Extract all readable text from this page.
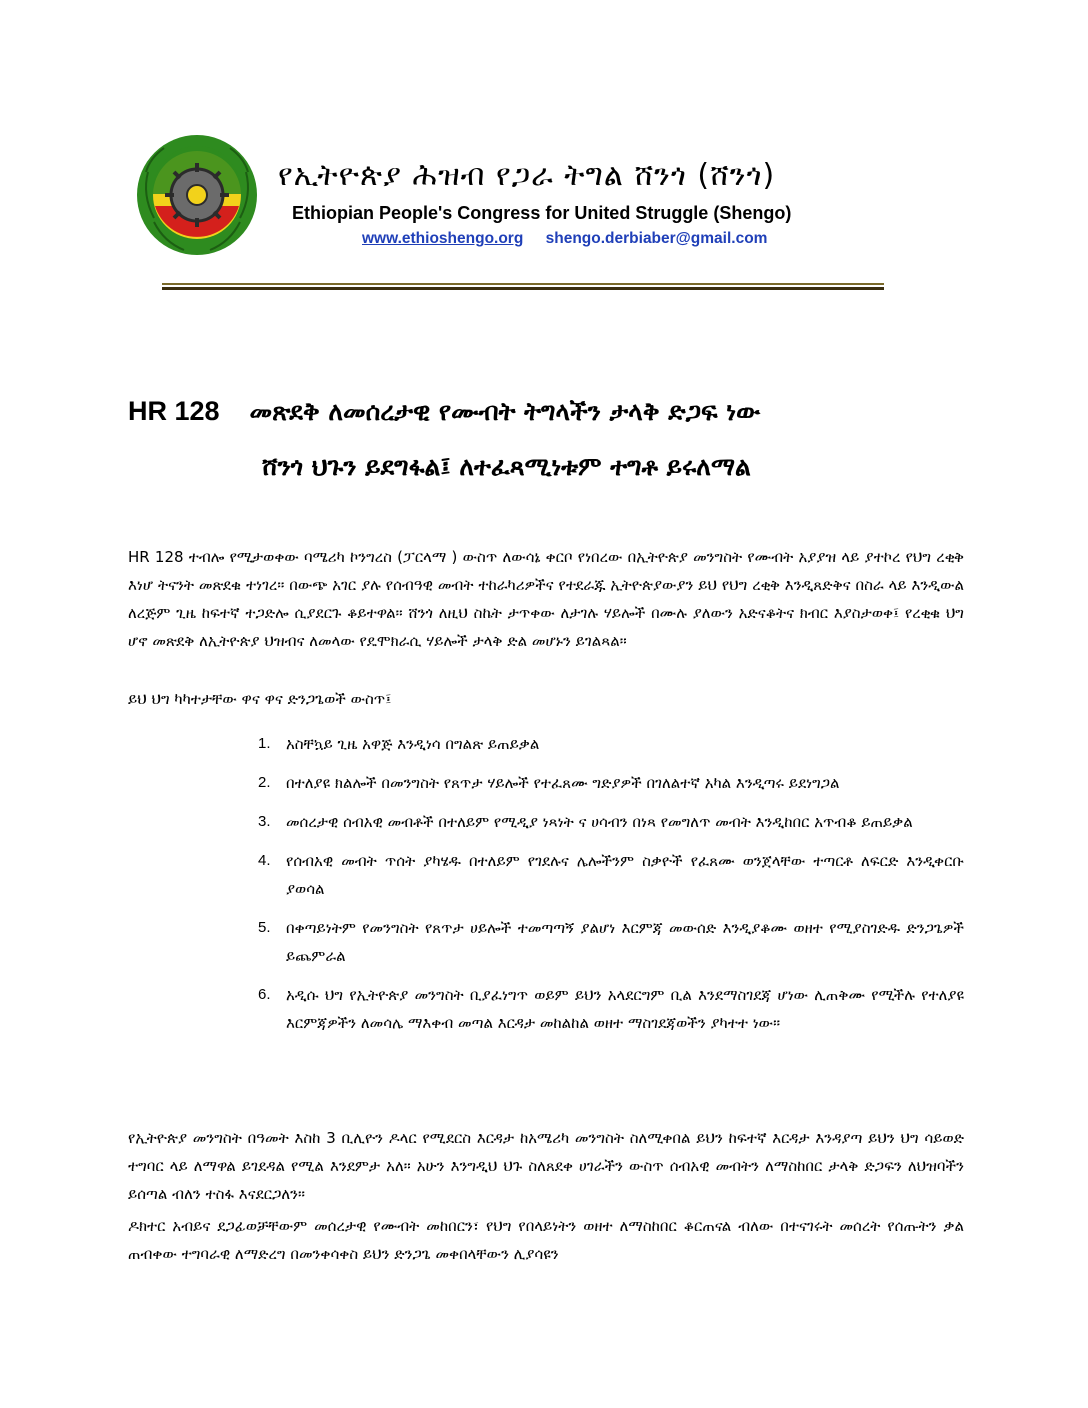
የኢትዮጵያ ሕዝብ የጋራ ትግል ሸንጎ (ሸንጎ)
Ethiopian People's Congress for United Struggle (Shengo)
www.ethioshengo.org shengo.derbiaber@gmail.com
HR 128 መጽደቅ ለመሰረታዊ የሙብት ትግላችን ታላቅ ድጋፍ ነው
ሸንጎ ህጉን ይደግፋል፤ ለተፈጻሚነቱም ተግቶ ይሩለማል
HR 128 ተብሎ የሚታወቀው ባሜሪካ ኮንግረስ (ፓርላማ ) ውስጥ ለውሳኔ ቀርቦ የነበረው በኢትዮጵያ መንግስት የሙብት አያያዝ ላይ ያተኮረ የህግ ረቂቅ እነሆ ትናንት መጽደቁ ተነገረ። በውጭ አገር ያሉ የሰብዓዊ መብት ተከራካሪዎችና የተደራጁ ኢትዮጵያውያን ይህ የህግ ረቂቅ እንዲጸድቅና በስራ ላይ እንዲውል ለረጅም ጊዜ ከፍተኛ ተጋድሎ ሲያደርጉ ቆይተዋል። ሸንጎ ለዚህ ስኬት ታጥቀው ለታገሉ ሃይሎች በሙሉ ያለውን አድናቆትና ክብር እያስታወቀ፤ የረቂቁ ህግ ሆኖ መጽደቅ ለኢትዮጵያ ህዝብና ለመላው የዴሞክራሲ ሃይሎች ታላቅ ድል መሆኑን ይገልጻል።
ይህ ህግ ካካተታቸው ዋና ዋና ድንጋጌወች ውስጥ፤
1. አስቸኳይ ጊዜ አዋጅ እንዲነሳ በግልጽ ይጠይቃል
2. በተለያዩ ክልሎች በመንግስት የጸጥታ ሃይሎች የተፈጸሙ ግድያዎች በገለልተኛ አካል እንዲጣሩ ይደነግጋል
3. መሰረታዊ ሰብአዊ መብቶች በተለይም የሚዲያ ነጻነት ና ሀሳብን በነጻ የመግለጥ መብት እንዲከበር አጥብቆ ይጠይቃል
4. የሰብአዊ መብት ጥሰት ያካሄዱ በተለይም የገደሉና ሌሎችንም ስቃዮች የፈጸሙ ወንጀላቸው ተጣርቶ ለፍርድ እንዲቀርቡ ያወሳል
5. በቀጣይነትም የመንግስት የጸጥታ ሀይሎች ተመጣጣኝ ያልሆነ እርምጃ መውሰድ እንዲያቆሙ ወዘተ የሚያስገድዱ ድንጋጌዎች ይጨምራል
6. አዲሱ ህግ የኢትዮጵያ መንግስት ቢያፈነግጥ ወይም ይህን አላደርግም ቢል እንደማስገደጃ ሆነው ሊጠቅሙ የሚችሉ የተለያዩ እርምጃዎችን ለመሳሌ ማእቀብ መጣል እርዳታ መከልከል ወዘተ ማስገደጃወችን ያካተተ ነው።
የኢትዮጵያ መንግስት በዓመት እስከ 3 ቢሊዮን ዶላር የሚደርስ እርዳታ ከአሜሪካ መንግስት ስለሚቀበል ይህን ከፍተኛ እርዳታ እንዳያጣ ይህን ህግ ሳይወድ ተግባር ላይ ለማዋል ይገደዳል የሚል እንደምታ አለ። አሁን እንግዲህ ህጉ ስለጸደቀ ሀገራችን ውስጥ ሰብአዊ መብትን ለማስከበር ታላቅ ድጋፍን ለህዝባችን ይሰጣል ብለን ተስፋ እናደርጋለን።
ዶክተር አብይና ደጋፊወቻቸውም መሰረታዊ የሙብት መከበርን፣ የህግ የበላይነትን ወዘተ ለማስከበር ቆርጠናል ብለው በተናገሩት መሰረት የሰጡትን ቃል ጠብቀው ተግባራዊ ለማድረግ በመንቀሳቀስ ይህን ድንጋጌ መቀበላቸውን ሊያሳዩን
